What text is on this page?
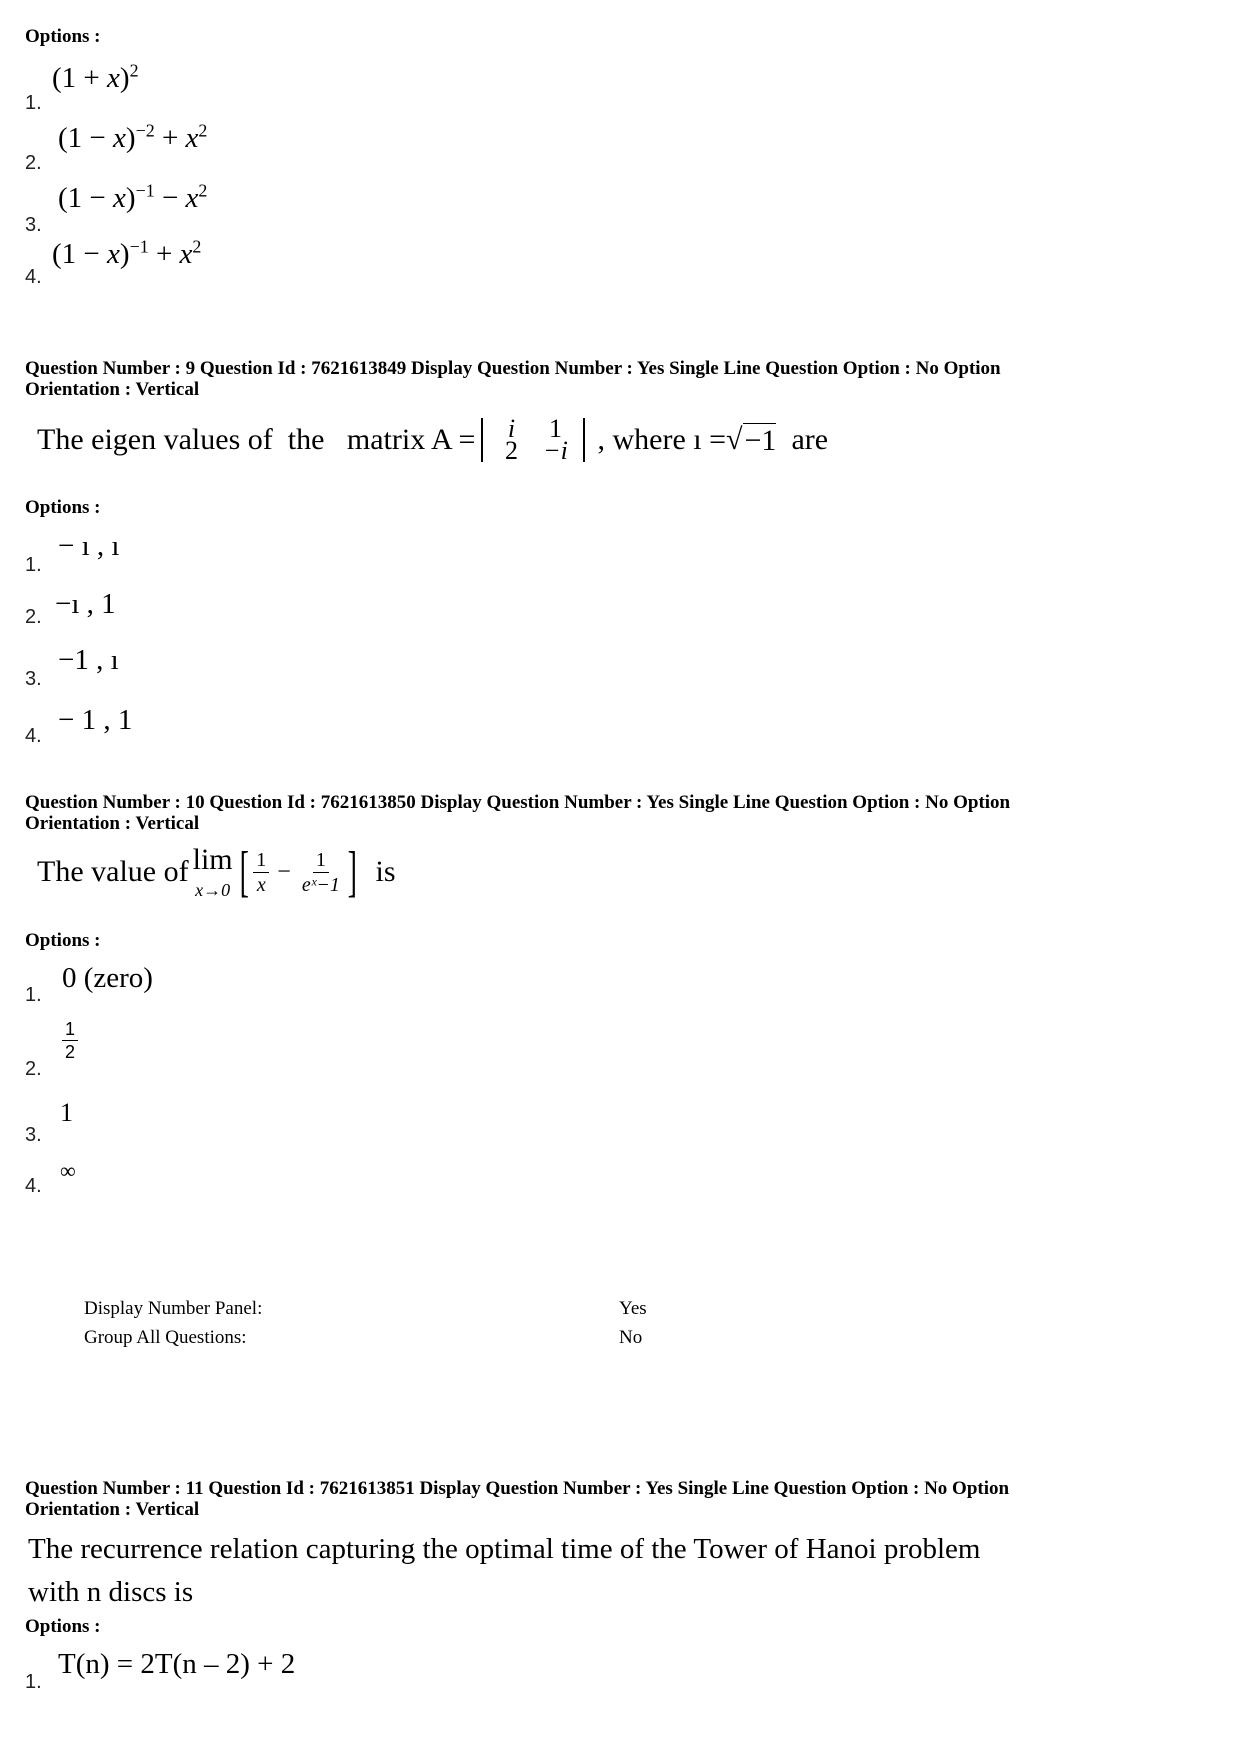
Options :
1.
$(1 + x)^2$
2.
$(1 - x)^{-2} + x^2$
3.
$(1 - x)^{-1} - x^2$
4.
$(1 - x)^{-1} + x^2$
Question Number : 9 Question Id : 7621613849 Display Question Number : Yes Single Line Question Option : No Option
Orientation : Vertical
The eigen values of  the   matrix A =	i	1
2 −i , where ı = √ −1 are
Options :
1.
− ı , ı
2. −ı , 1
3.
−1 , ı
4. − 1 , 1
Question Number : 10 Question Id : 7621613850 Display Question Number : Yes Single Line Question Option : No Option
Orientation : Vertical
The value of lim
x→0 [ $\frac{1}{x} - \frac{1}{\text{eˣ−1}}$ ] is
Options :
1.
0 (zero)
2.
$\frac{1}{2}$
3.
1
4.
∞
Display Number Panel:	Yes
Group All Questions:	No
Question Number : 11 Question Id : 7621613851 Display Question Number : Yes Single Line Question Option : No Option
Orientation : Vertical
The recurrence relation capturing the optimal time of the Tower of Hanoi problem
with n discs is
Options :
1.
T(n) = 2T(n – 2) + 2
